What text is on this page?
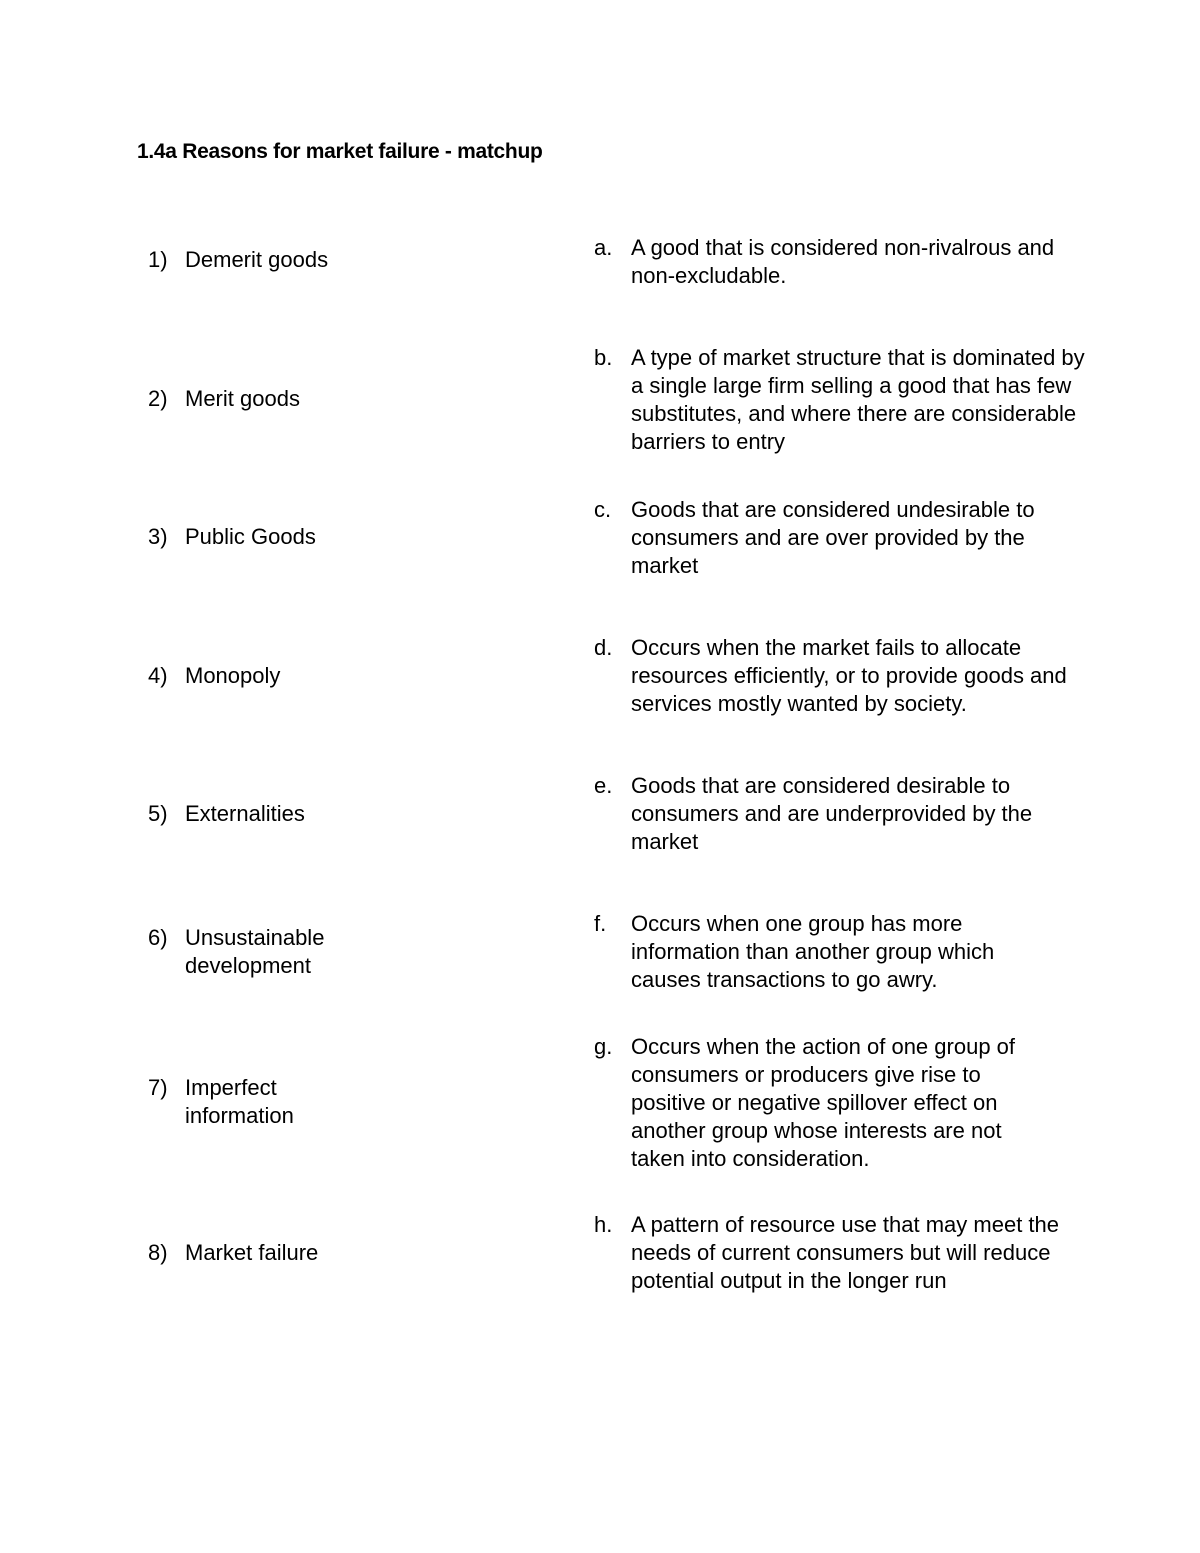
1.4a Reasons for market failure - matchup
1) Demerit goods
2) Merit goods
3) Public Goods
4) Monopoly
5) Externalities
6) Unsustainable development
7) Imperfect information
8) Market failure
a. A good that is considered non-rivalrous and non-excludable.
b. A type of market structure that is dominated by a single large firm selling a good that has few substitutes, and where there are considerable barriers to entry
c. Goods that are considered undesirable to consumers and are over provided by the market
d. Occurs when the market fails to allocate resources efficiently, or to provide goods and services mostly wanted by society.
e. Goods that are considered desirable to consumers and are underprovided by the market
f.	Occurs when one group has more information than another group which causes transactions to go awry.
g. Occurs when the action of one group of consumers or producers give rise to positive or negative spillover effect on another group whose interests are not taken into consideration.
h. A pattern of resource use that may meet the needs of current consumers but will reduce potential output in the longer run
